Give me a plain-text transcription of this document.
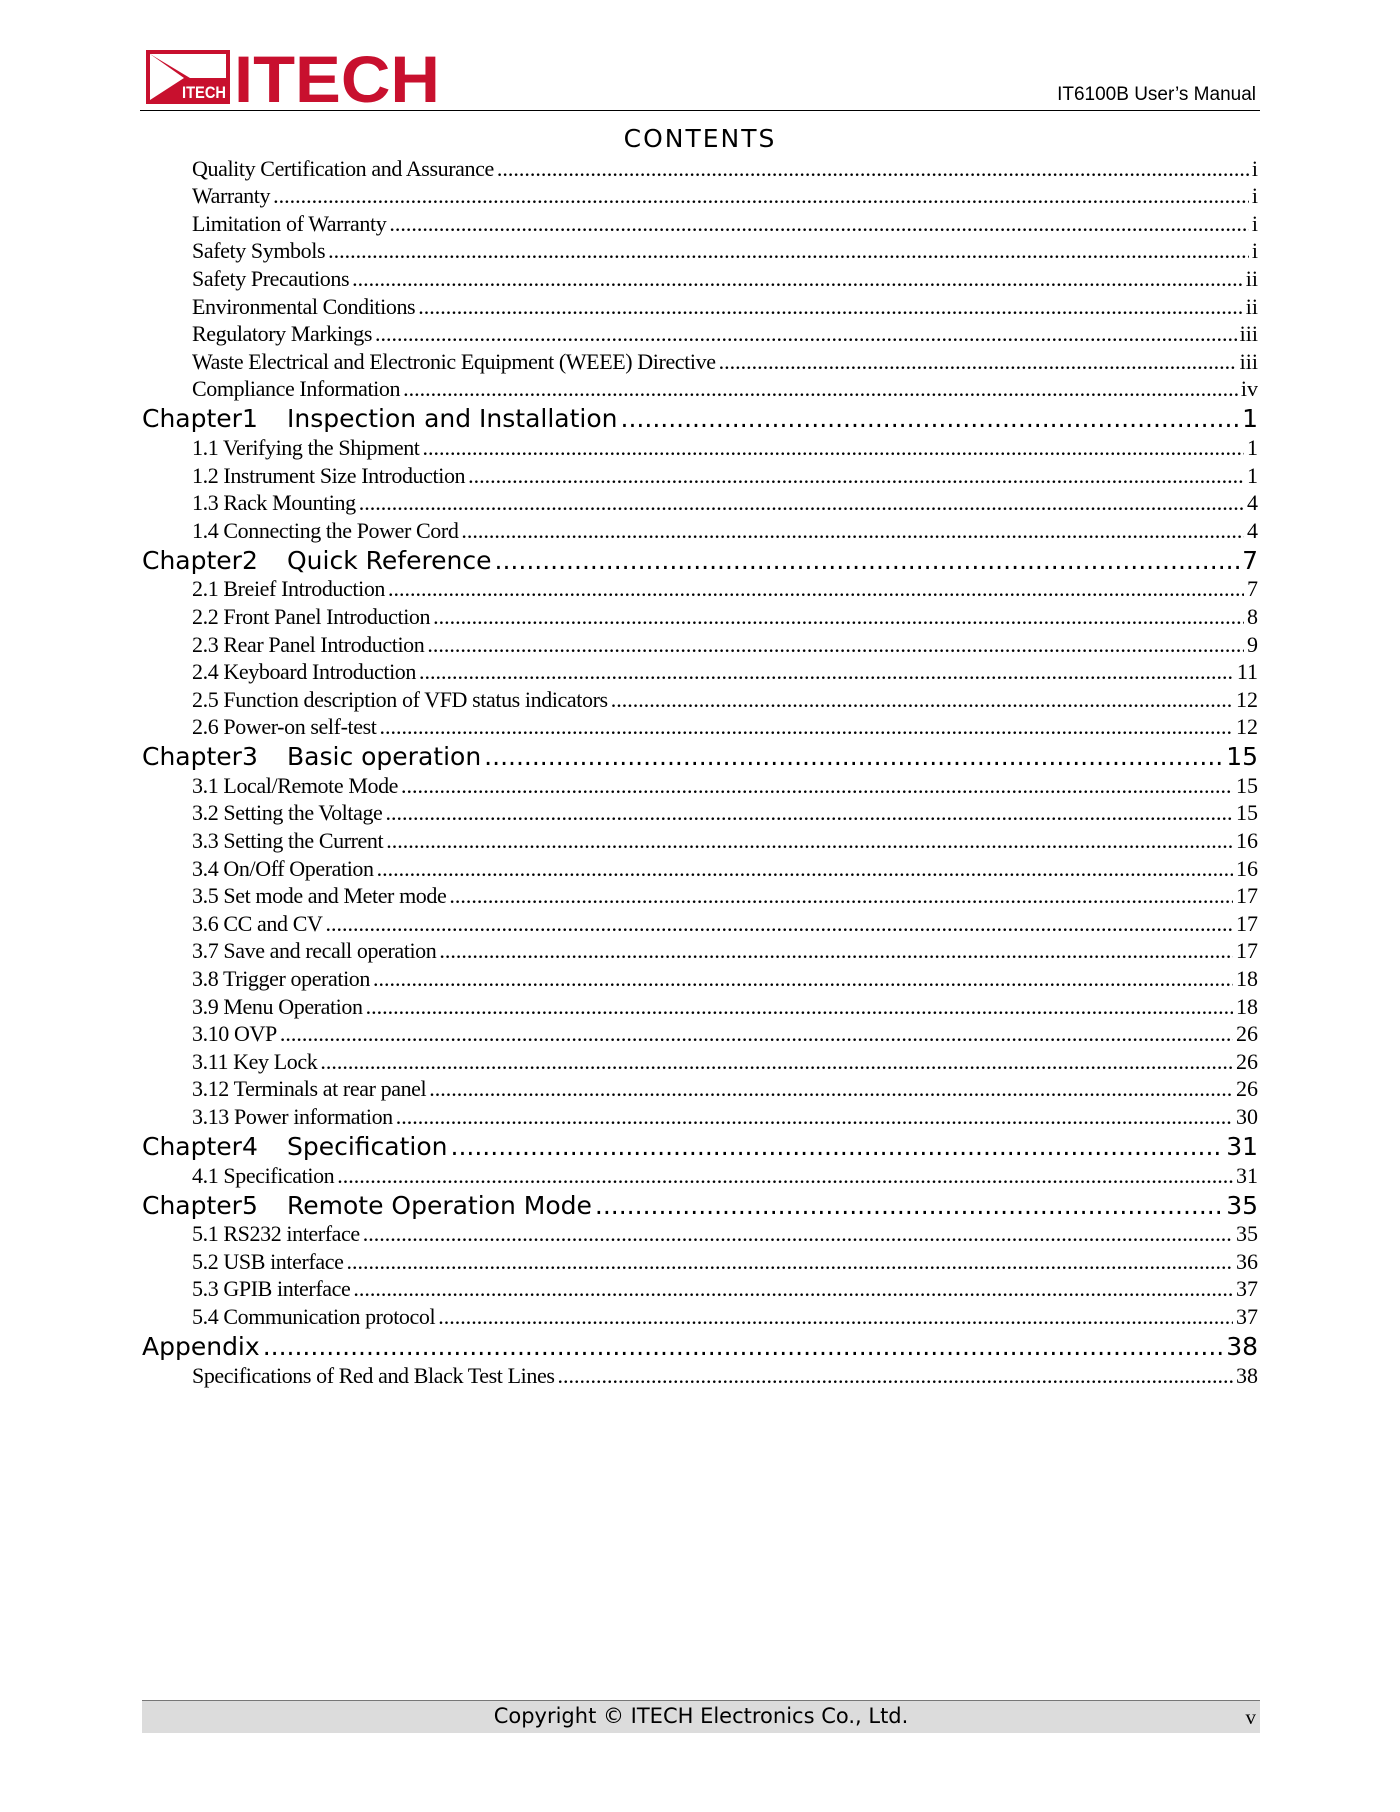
ITECH ITECH	IT6100B User’s Manual
CONTENTS
Quality Certification and Assurance .....	i
Warranty .....	i
Limitation of Warranty .....	i
Safety Symbols .....	i
Safety Precautions .....	ii
Environmental Conditions .....	ii
Regulatory Markings .....	iii
Waste Electrical and Electronic Equipment (WEEE) Directive .....	iii
Compliance Information .....	iv
Chapter1 Inspection and Installation .....	1
1.1 Verifying the Shipment .....	1
1.2 Instrument Size Introduction .....	1
1.3 Rack Mounting .....	4
1.4 Connecting the Power Cord .....	4
Chapter2 Quick Reference .....	7
2.1 Breief Introduction .....	7
2.2 Front Panel Introduction .....	8
2.3 Rear Panel Introduction .....	9
2.4 Keyboard Introduction .....	11
2.5 Function description of VFD status indicators .....	12
2.6 Power-on self-test .....	12
Chapter3 Basic operation .....	15
3.1 Local/Remote Mode .....	15
3.2 Setting the Voltage .....	15
3.3 Setting the Current .....	16
3.4 On/Off Operation .....	16
3.5 Set mode and Meter mode .....	17
3.6 CC and CV .....	17
3.7 Save and recall operation .....	17
3.8 Trigger operation .....	18
3.9 Menu Operation .....	18
3.10 OVP .....	26
3.11 Key Lock .....	26
3.12 Terminals at rear panel .....	26
3.13 Power information .....	30
Chapter4 Specification .....	31
4.1 Specification .....	31
Chapter5 Remote Operation Mode .....	35
5.1 RS232 interface .....	35
5.2 USB interface .....	36
5.3 GPIB interface .....	37
5.4 Communication protocol .....	37
Appendix .....	38
Specifications of Red and Black Test Lines .....	38
Copyright © ITECH Electronics Co., Ltd.	v
